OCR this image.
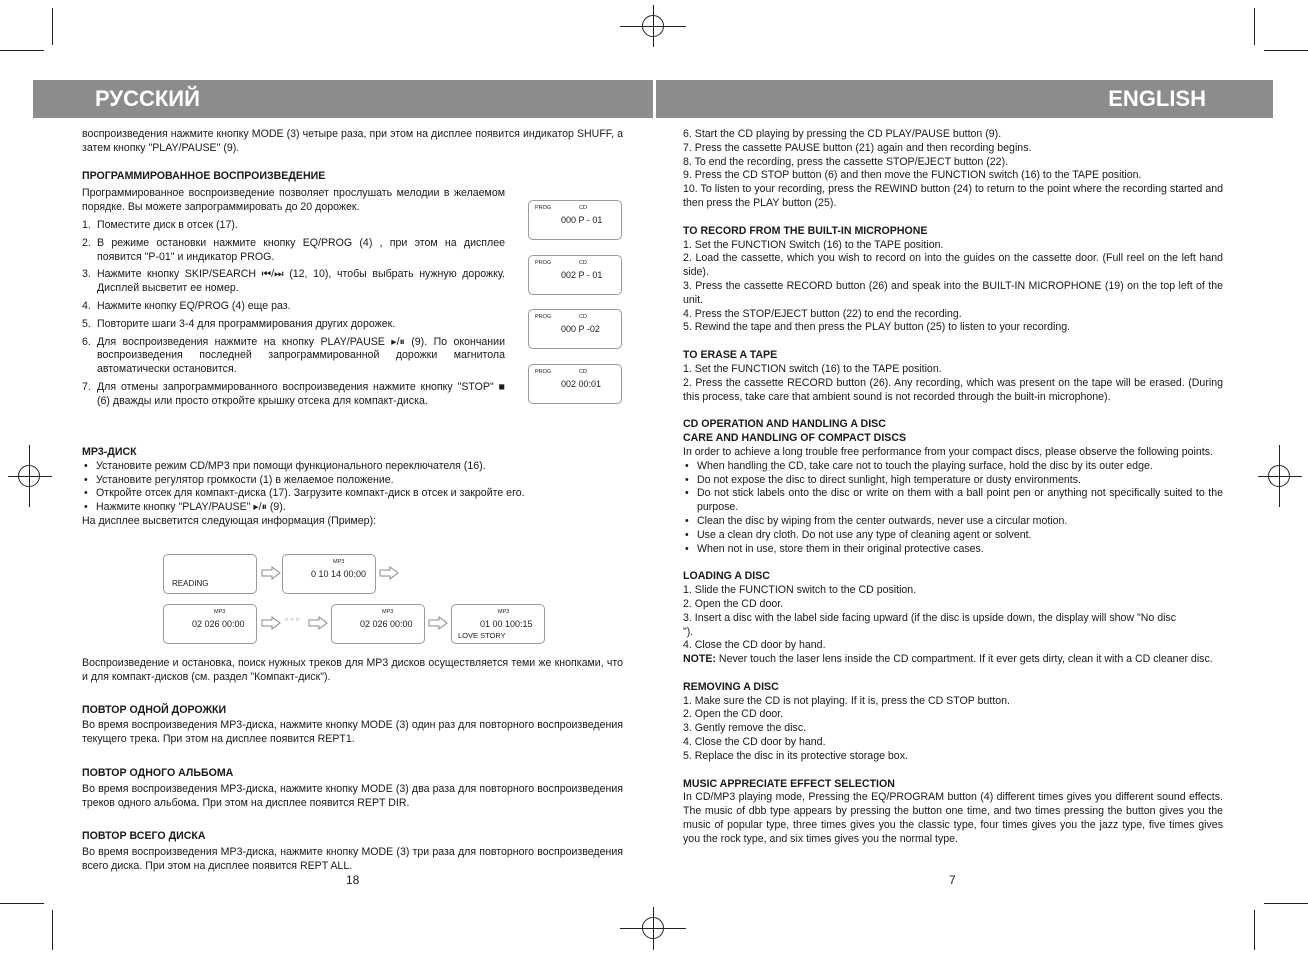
РУССКИЙ	ENGLISH

воспроизведения нажмите кнопку MODE (3) четыре раза, при этом на дисплее появится индикатор SHUFF, а затем кнопку "PLAY/PAUSE" (9).

ПРОГРАММИРОВАННОЕ ВОСПРОИЗВЕДЕНИЕ

Программированное воспроизведение позволяет прослушать мелодии в желаемом порядке. Вы можете запрограммировать до 20 дорожек.

1. Поместите диск в отсек (17).
2. В режиме остановки нажмите кнопку EQ/PROG (4) , при этом на дисплее появится "P-01" и индикатор PROG.
3. Нажмите кнопку SKIP/SEARCH ⏮/⏭ (12, 10), чтобы выбрать нужную дорожку. Дисплей высветит ее номер.
4. Нажмите кнопку EQ/PROG (4) еще раз.
5. Повторите шаги 3-4 для программирования других дорожек.
6. Для воспроизведения нажмите на кнопку PLAY/PAUSE ▸/⏸ (9). По окончании воспроизведения последней запрограммированной дорожки магнитола автоматически остановится.
7. Для отмены запрограммированного воспроизведения нажмите кнопку "STOP" ■ (6) дважды или просто откройте крышку отсека для компакт-диска.
PROG	CD
000 P - 01
PROG	CD
002 P - 01
PROG	CD
000 P -02
PROG	CD
002 00:01

МР3-ДИСК

• Установите режим CD/MP3 при помощи функционального переключателя (16).
• Установите регулятор громкости (1) в желаемое положение.
• Откройте отсек для компакт-диска (17). Загрузите компакт-диск в отсек и закройте его.
• Нажмите кнопку "PLAY/PAUSE" ▸/⏸ (9).

На дисплее высветится следующая информация (Пример):

READING
MP3
0 10 14 00:00
MP3
02 026 00:00	○ ○ ○
MP3
02 026 00:00
MP3
01 00 100:15
LOVE STORY

Воспроизведение и остановка, поиск нужных треков для МР3 дисков осуществляется теми же кнопками, что и для компакт-дисков (см. раздел "Компакт-диск").

ПОВТОР ОДНОЙ ДОРОЖКИ

Во время воспроизведения МР3-диска, нажмите кнопку MODE (3) один раз для повторного воспроизведения текущего трека. При этом на дисплее появится REPT1.

ПОВТОР ОДНОГО АЛЬБОМА

Во время воспроизведения МР3-диска, нажмите кнопку MODE (3) два раза для повторного воспроизведения треков одного альбома. При этом на дисплее появится REPT DIR.

ПОВТОР ВСЕГО ДИСКА

Во время воспроизведения МР3-диска, нажмите кнопку MODE (3) три раза для повторного воспроизведения всего диска. При этом на дисплее появится REPT ALL.

18

6. Start the CD playing by pressing the CD PLAY/PAUSE button (9).

7. Press the cassette PAUSE button (21) again and then recording begins.

8. To end the recording, press the cassette STOP/EJECT button (22).

9. Press the CD STOP button (6) and then move the FUNCTION switch (16) to the TAPE position.

10. To listen to your recording, press the REWIND button (24) to return to the point where the recording started and then press the PLAY button (25).

TO RECORD FROM THE BUILT-IN MICROPHONE

1. Set the FUNCTION Switch (16) to the TAPE position.

2. Load the cassette, which you wish to record on into the guides on the cassette door. (Full reel on the left hand side).

3. Press the cassette RECORD button (26) and speak into the BUILT-IN MICROPHONE (19) on the top left of the unit.

4. Press the STOP/EJECT button (22) to end the recording.

5. Rewind the tape and then press the PLAY button (25) to listen to your recording.

TO ERASE A TAPE

1. Set the FUNCTION switch (16) to the TAPE position.

2. Press the cassette RECORD button (26). Any recording, which was present on the tape will be erased. (During this process, take care that ambient sound is not recorded through the built-in microphone).

CD OPERATION AND HANDLING A DISC

CARE AND HANDLING OF COMPACT DISCS

In order to achieve a long trouble free performance from your compact discs, please observe the following points.

• When handling the CD, take care not to touch the playing surface, hold the disc by its outer edge.
• Do not expose the disc to direct sunlight, high temperature or dusty environments.
• Do not stick labels onto the disc or write on them with a ball point pen or anything not specifically suited to the purpose.
• Clean the disc by wiping from the center outwards, never use a circular motion.
• Use a clean dry cloth. Do not use any type of cleaning agent or solvent.
• When not in use, store them in their original protective cases.

LOADING A DISC

1. Slide the FUNCTION switch to the CD position.

2. Open the CD door.

3. Insert a disc with the label side facing upward (if the disc is upside down, the display will show "No disc ").

4. Close the CD door by hand.

NOTE: Never touch the laser lens inside the CD compartment. If it ever gets dirty, clean it with a CD cleaner disc.

REMOVING A DISC

1. Make sure the CD is not playing. If it is, press the CD STOP button.

2. Open the CD door.

3. Gently remove the disc.

4. Close the CD door by hand.

5. Replace the disc in its protective storage box.

MUSIC APPRECIATE EFFECT SELECTION

In CD/MP3 playing mode, Pressing the EQ/PROGRAM button (4) different times gives you different sound effects. The music of dbb type appears by pressing the button one time, and two times pressing the button gives you the music of popular type, three times gives you the classic type, four times gives you the jazz type, five times gives you the rock type, and six times gives you the normal type.

7
